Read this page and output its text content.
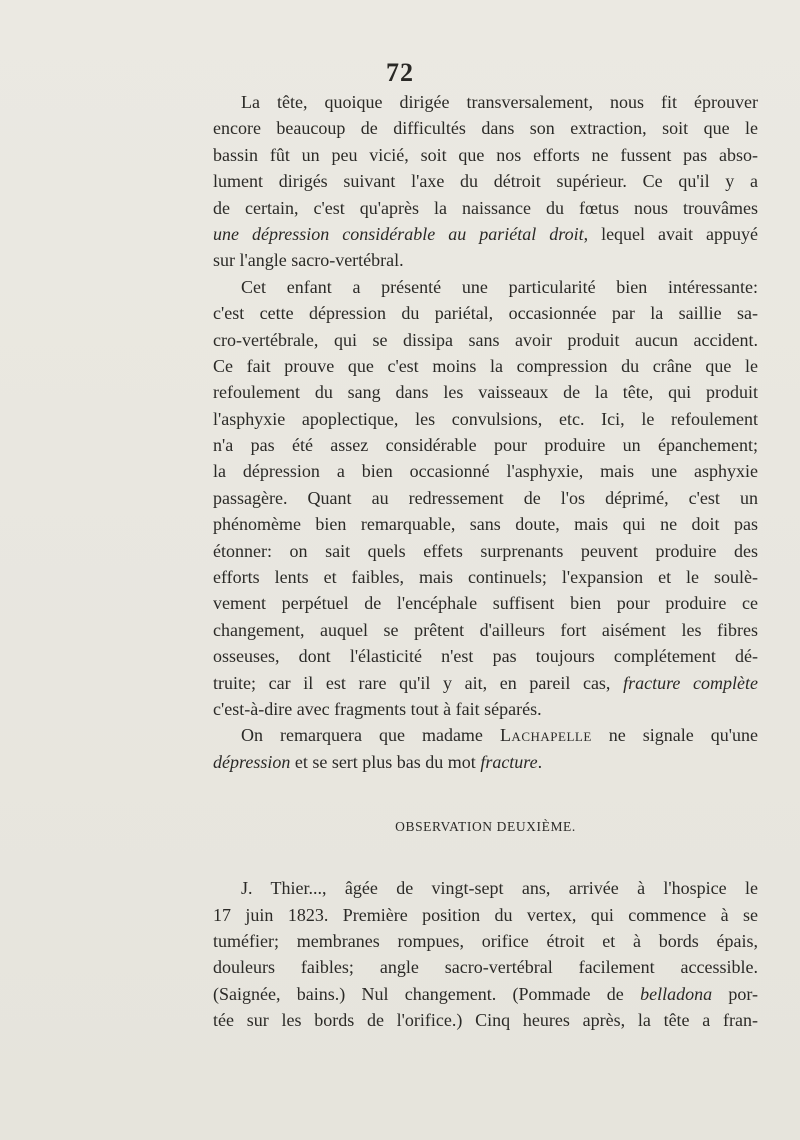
72
La tête, quoique dirigée transversalement, nous fit éprouver
encore beaucoup de difficultés dans son extraction, soit que le
bassin fût un peu vicié, soit que nos efforts ne fussent pas abso-
lument dirigés suivant l'axe du détroit supérieur. Ce qu'il y a
de certain, c'est qu'après la naissance du fœtus nous trouvâmes
une dépression considérable au pariétal droit, lequel avait appuyé
sur l'angle sacro-vertébral.
Cet enfant a présenté une particularité bien intéressante:
c'est cette dépression du pariétal, occasionnée par la saillie sa-
cro-vertébrale, qui se dissipa sans avoir produit aucun accident.
Ce fait prouve que c'est moins la compression du crâne que le
refoulement du sang dans les vaisseaux de la tête, qui produit
l'asphyxie apoplectique, les convulsions, etc. Ici, le refoulement
n'a pas été assez considérable pour produire un épanchement;
la dépression a bien occasionné l'asphyxie, mais une asphyxie
passagère. Quant au redressement de l'os déprimé, c'est un
phénomème bien remarquable, sans doute, mais qui ne doit pas
étonner: on sait quels effets surprenants peuvent produire des
efforts lents et faibles, mais continuels; l'expansion et le soulè-
vement perpétuel de l'encéphale suffisent bien pour produire ce
changement, auquel se prêtent d'ailleurs fort aisément les fibres
osseuses, dont l'élasticité n'est pas toujours complétement dé-
truite; car il est rare qu'il y ait, en pareil cas, fracture complète
c'est-à-dire avec fragments tout à fait séparés.
On remarquera que madame Lachapelle ne signale qu'une
dépression et se sert plus bas du mot fracture.
OBSERVATION DEUXIÈME.
J. Thier..., âgée de vingt-sept ans, arrivée à l'hospice le
17 juin 1823. Première position du vertex, qui commence à se
tuméfier; membranes rompues, orifice étroit et à bords épais,
douleurs faibles; angle sacro-vertébral facilement accessible.
(Saignée, bains.) Nul changement. (Pommade de belladona por-
tée sur les bords de l'orifice.) Cinq heures après, la tête a fran-
